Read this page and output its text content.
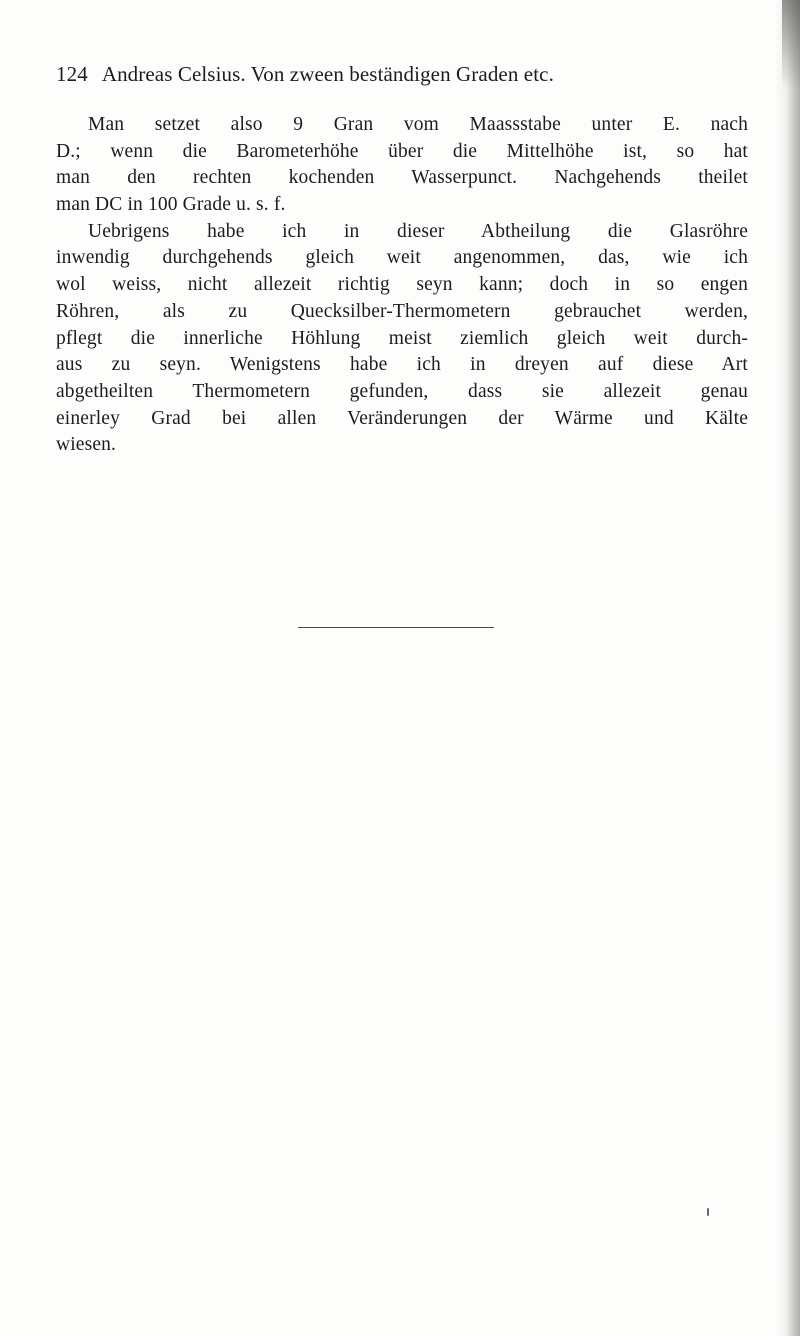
124 Andreas Celsius. Von zween beständigen Graden etc.
Man setzet also 9 Gran vom Maassstabe unter E. nach
D.; wenn die Barometerhöhe über die Mittelhöhe ist, so hat
man den rechten kochenden Wasserpunct. Nachgehends theilet
man DC in 100 Grade u. s. f.
Uebrigens habe ich in dieser Abtheilung die Glasröhre
inwendig durchgehends gleich weit angenommen, das, wie ich
wol weiss, nicht allezeit richtig seyn kann; doch in so engen
Röhren, als zu Quecksilber-Thermometern gebrauchet werden,
pflegt die innerliche Höhlung meist ziemlich gleich weit durch-
aus zu seyn. Wenigstens habe ich in dreyen auf diese Art
abgetheilten Thermometern gefunden, dass sie allezeit genau
einerley Grad bei allen Veränderungen der Wärme und Kälte
wiesen.
